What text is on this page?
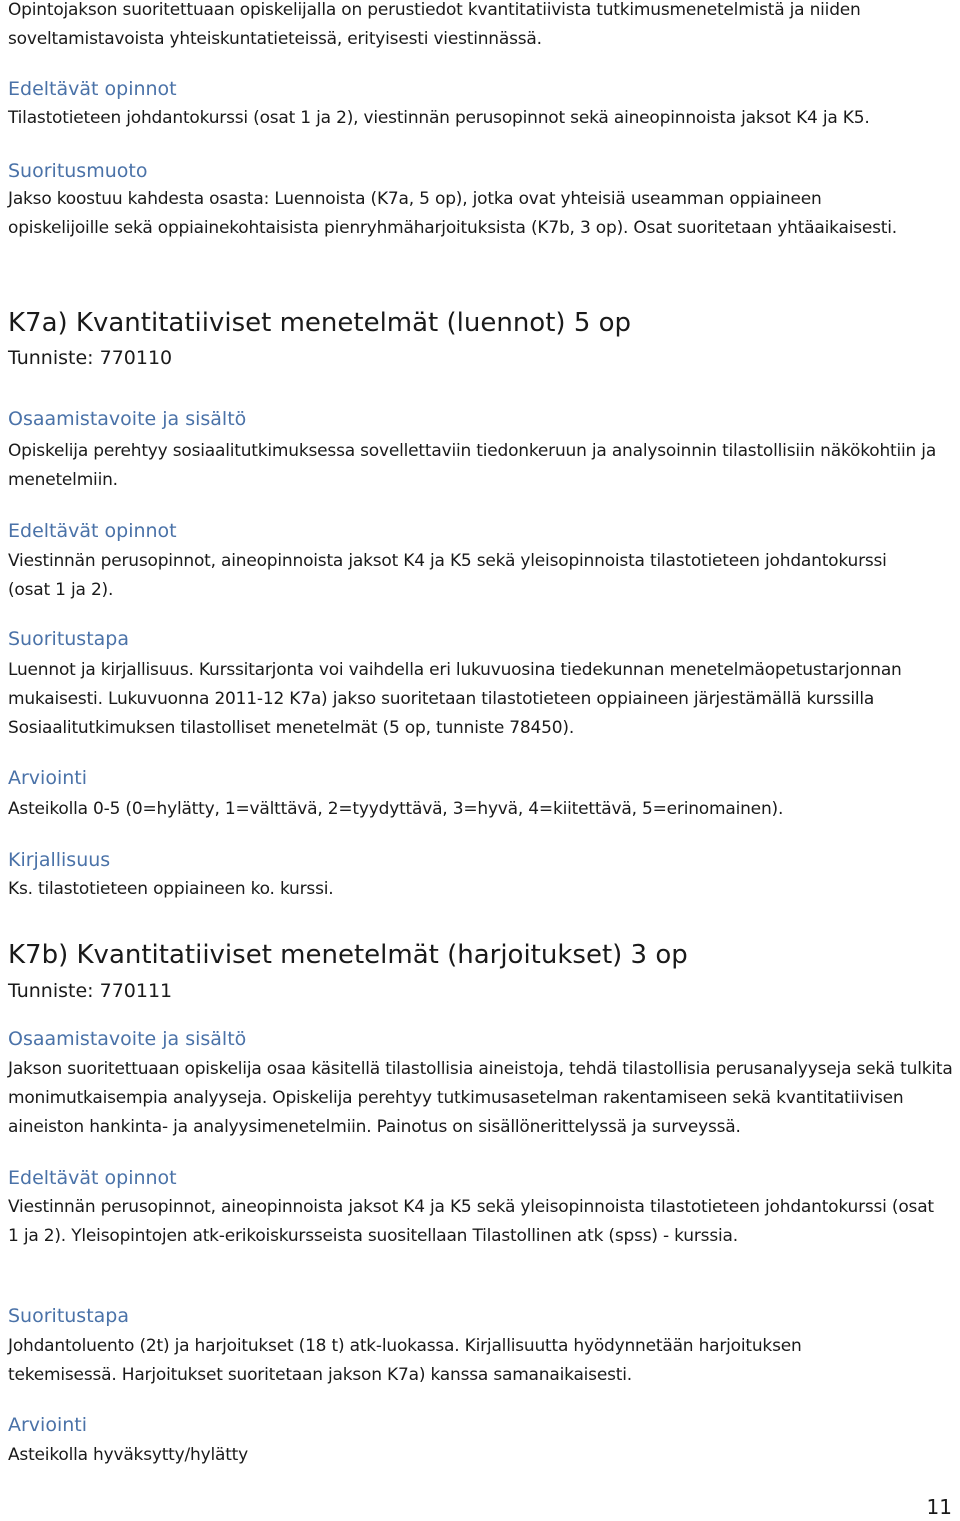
Opintojakson suoritettuaan opiskelijalla on perustiedot kvantitatiivista tutkimusmenetelmistä ja niiden soveltamistavoista yhteiskuntatieteissä, erityisesti viestinnässä.

Edeltävät opinnot

Tilastotieteen johdantokurssi (osat 1 ja 2), viestinnän perusopinnot sekä aineopinnoista jaksot K4 ja K5.

Suoritusmuoto

Jakso koostuu kahdesta osasta: Luennoista (K7a, 5 op), jotka ovat yhteisiä useamman oppiaineen opiskelijoille sekä oppiainekohtaisista pienryhmäharjoituksista (K7b, 3 op). Osat suoritetaan yhtäaikaisesti.

K7a) Kvantitatiiviset menetelmät (luennot) 5 op

Tunniste: 770110

Osaamistavoite ja sisältö

Opiskelija perehtyy sosiaalitutkimuksessa sovellettaviin tiedonkeruun ja analysoinnin tilastollisiin näkökohtiin ja menetelmiin.

Edeltävät opinnot

Viestinnän perusopinnot, aineopinnoista jaksot K4 ja K5 sekä yleisopinnoista tilastotieteen johdantokurssi (osat 1 ja 2).

Suoritustapa

Luennot ja kirjallisuus. Kurssitarjonta voi vaihdella eri lukuvuosina tiedekunnan menetelmäopetustarjonnan mukaisesti. Lukuvuonna 2011-12 K7a) jakso suoritetaan tilastotieteen oppiaineen järjestämällä kurssilla Sosiaalitutkimuksen tilastolliset menetelmät (5 op, tunniste 78450).

Arviointi

Asteikolla 0-5 (0=hylätty, 1=välttävä, 2=tyydyttävä, 3=hyvä, 4=kiitettävä, 5=erinomainen).

Kirjallisuus

Ks. tilastotieteen oppiaineen ko. kurssi.

K7b) Kvantitatiiviset menetelmät (harjoitukset) 3 op

Tunniste: 770111

Osaamistavoite ja sisältö

Jakson suoritettuaan opiskelija osaa käsitellä tilastollisia aineistoja, tehdä tilastollisia perusanalyyseja sekä tulkita monimutkaisempia analyyseja. Opiskelija perehtyy tutkimusasetelman rakentamiseen sekä kvantitatiivisen aineiston hankinta- ja analyysimenetelmiin. Painotus on sisällönerittelyssä ja surveyssä.

Edeltävät opinnot

Viestinnän perusopinnot, aineopinnoista jaksot K4 ja K5 sekä yleisopinnoista tilastotieteen johdantokurssi (osat 1 ja 2). Yleisopintojen atk-erikoiskursseista suositellaan Tilastollinen atk (spss) - kurssia.

Suoritustapa

Johdantoluento (2t) ja harjoitukset (18 t) atk-luokassa. Kirjallisuutta hyödynnetään harjoituksen tekemisessä. Harjoitukset suoritetaan jakson K7a) kanssa samanaikaisesti.

Arviointi

Asteikolla hyväksytty/hylätty

11
